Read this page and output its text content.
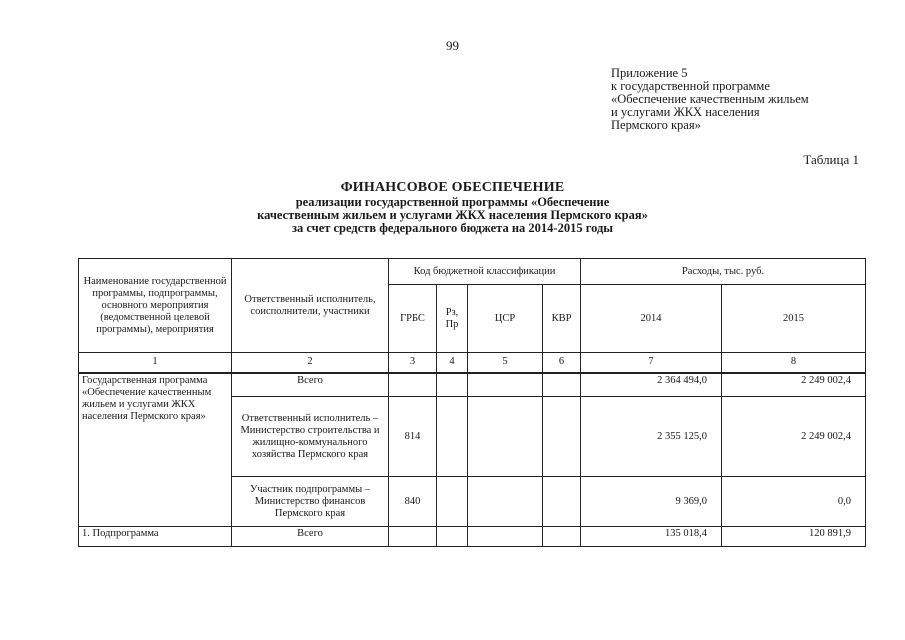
99
Приложение 5
к государственной программе
«Обеспечение качественным жильем
и услугами ЖКХ населения
Пермского края»
Таблица 1
ФИНАНСОВОЕ ОБЕСПЕЧЕНИЕ
реализации государственной программы «Обеспечение
качественным жильем и услугами ЖКХ населения Пермского края»
за счет средств федерального бюджета на 2014-2015 годы
Наименование государственной программы, подпрограммы, основного мероприятия (ведомственной целевой программы), мероприятия	Ответственный исполнитель, соисполнители, участники	Код бюджетной классификации				Расходы, тыс. руб.	
		ГРБС	Рз, Пр	ЦСР	КВР	2014	2015
1	2	3	4	5	6	7	8
Государственная программа «Обеспечение качественным жильем и услугами ЖКХ населения Пермского края»	Всего					2 364 494,0	2 249 002,4
	Ответственный исполнитель – Министерство строительства и жилищно-коммунального хозяйства Пермского края	814				2 355 125,0	2 249 002,4
	Участник подпрограммы – Министерство финансов Пермского края	840				9 369,0	0,0
1. Подпрограмма	Всего					135 018,4	120 891,9
